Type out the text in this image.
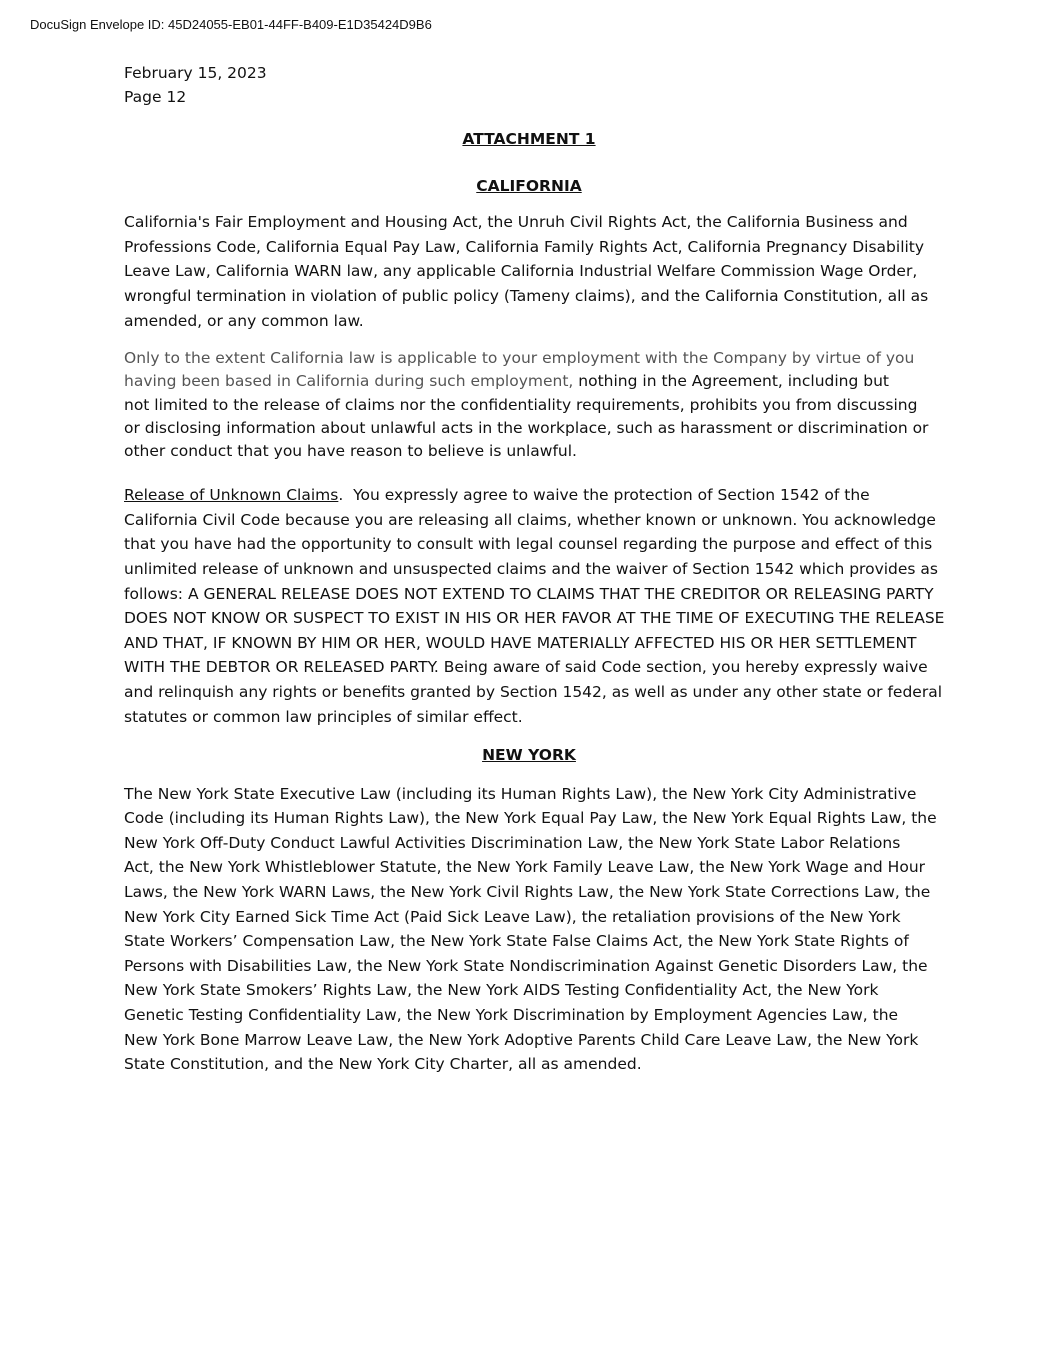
DocuSign Envelope ID: 45D24055-EB01-44FF-B409-E1D35424D9B6
February 15, 2023
Page 12

ATTACHMENT 1

CALIFORNIA

California's Fair Employment and Housing Act, the Unruh Civil Rights Act, the California Business and
Professions Code, California Equal Pay Law, California Family Rights Act, California Pregnancy Disability
Leave Law, California WARN law, any applicable California Industrial Welfare Commission Wage Order,
wrongful termination in violation of public policy (Tameny claims), and the California Constitution, all as
amended, or any common law.
Only to the extent California law is applicable to your employment with the Company by virtue of you
having been based in California during such employment, nothing in the Agreement, including but
not limited to the release of claims nor the confidentiality requirements, prohibits you from discussing
or disclosing information about unlawful acts in the workplace, such as harassment or discrimination or
other conduct that you have reason to believe is unlawful.
Release of Unknown Claims.  You expressly agree to waive the protection of Section 1542 of the
California Civil Code because you are releasing all claims, whether known or unknown. You acknowledge
that you have had the opportunity to consult with legal counsel regarding the purpose and effect of this
unlimited release of unknown and unsuspected claims and the waiver of Section 1542 which provides as
follows: A GENERAL RELEASE DOES NOT EXTEND TO CLAIMS THAT THE CREDITOR OR RELEASING PARTY
DOES NOT KNOW OR SUSPECT TO EXIST IN HIS OR HER FAVOR AT THE TIME OF EXECUTING THE RELEASE
AND THAT, IF KNOWN BY HIM OR HER, WOULD HAVE MATERIALLY AFFECTED HIS OR HER SETTLEMENT
WITH THE DEBTOR OR RELEASED PARTY. Being aware of said Code section, you hereby expressly waive
and relinquish any rights or benefits granted by Section 1542, as well as under any other state or federal
statutes or common law principles of similar effect.

NEW YORK

The New York State Executive Law (including its Human Rights Law), the New York City Administrative
Code (including its Human Rights Law), the New York Equal Pay Law, the New York Equal Rights Law, the
New York Off-Duty Conduct Lawful Activities Discrimination Law, the New York State Labor Relations
Act, the New York Whistleblower Statute, the New York Family Leave Law, the New York Wage and Hour
Laws, the New York WARN Laws, the New York Civil Rights Law, the New York State Corrections Law, the
New York City Earned Sick Time Act (Paid Sick Leave Law), the retaliation provisions of the New York
State Workers’ Compensation Law, the New York State False Claims Act, the New York State Rights of
Persons with Disabilities Law, the New York State Nondiscrimination Against Genetic Disorders Law, the
New York State Smokers’ Rights Law, the New York AIDS Testing Confidentiality Act, the New York
Genetic Testing Confidentiality Law, the New York Discrimination by Employment Agencies Law, the
New York Bone Marrow Leave Law, the New York Adoptive Parents Child Care Leave Law, the New York
State Constitution, and the New York City Charter, all as amended.
